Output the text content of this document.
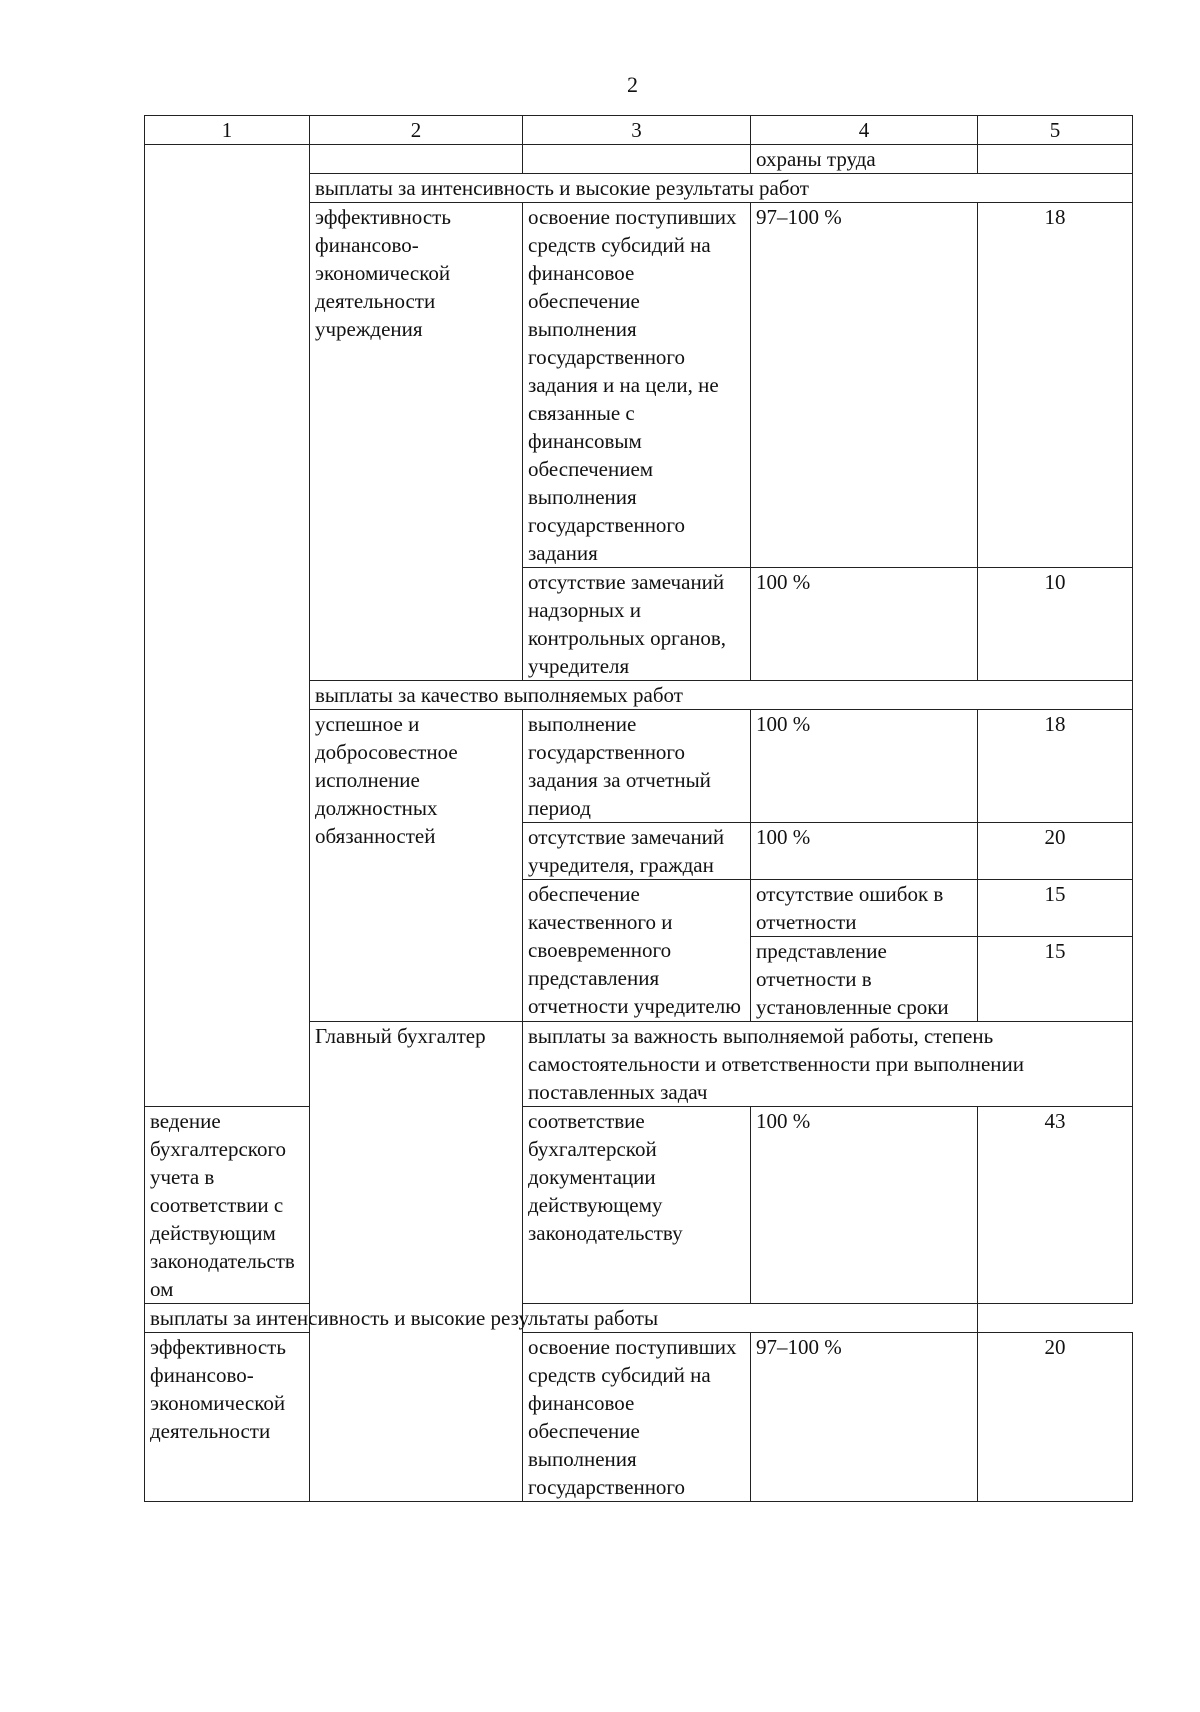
2
1	2	3	4	5
			охраны труда	
	выплаты за интенсивность и высокие результаты работ			
	эффективность финансово-экономической деятельности учреждения	освоение поступивших средств субсидий на финансовое обеспечение выполнения государственного задания и на цели, не связанные с финансовым обеспечением выполнения государственного задания	97–100 %	18
		отсутствие замечаний надзорных и контрольных органов, учредителя	100 %	10
	выплаты за качество выполняемых работ			
	успешное и добросовестное исполнение должностных обязанностей	выполнение государственного задания за отчетный период	100 %	18
		отсутствие замечаний учредителя, граждан	100 %	20
		обеспечение качественного и своевременного представления отчетности учредителю	отсутствие ошибок в отчетности	15
			представление отчетности в установленные сроки	15
	Главный бухгалтер	выплаты за важность выполняемой работы, степень самостоятельности и ответственности при выполнении поставленных задач		
ведение бухгалтерского учета в соответствии с действующим законодательством		соответствие бухгалтерской документации действующему законодательству	100 %	43
выплаты за интенсивность и высокие результаты работы				
эффективность финансово-экономической деятельности		освоение поступивших средств субсидий на финансовое обеспечение выполнения государственного	97–100 %	20
